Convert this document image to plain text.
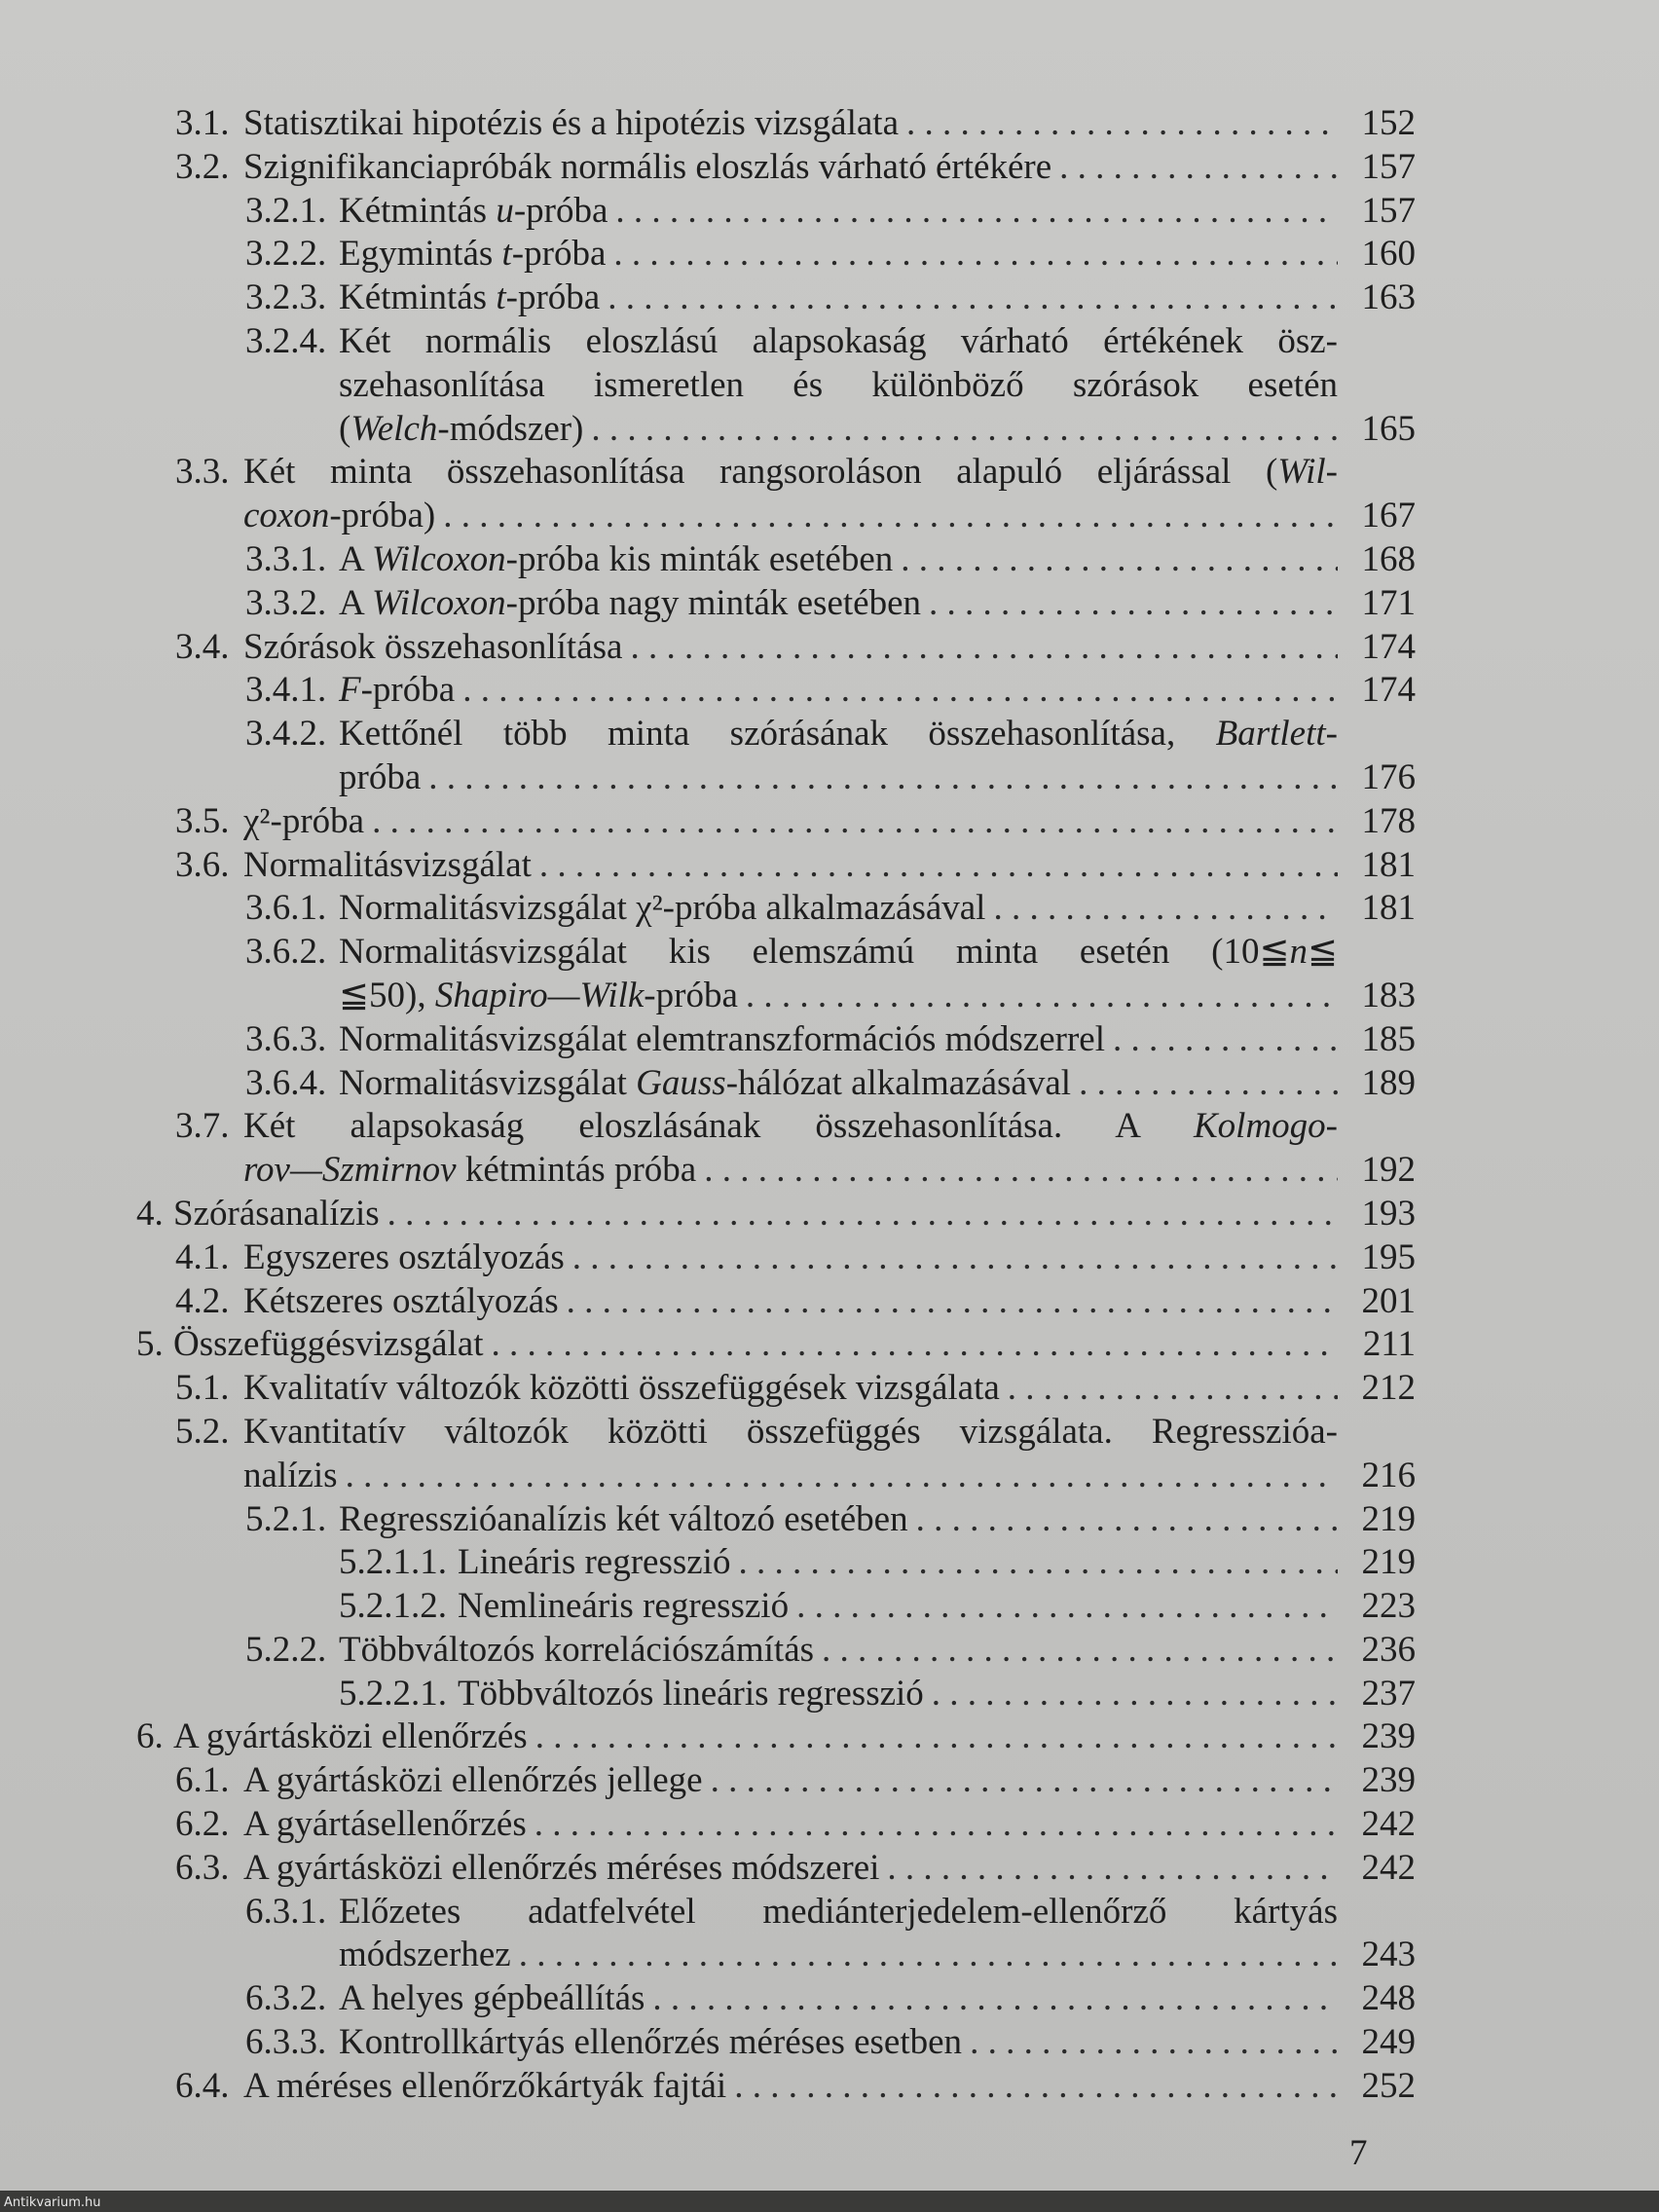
3.1. Statisztikai hipotézis és a hipotézis vizsgálata . . .	152
3.2. Szignifikanciapróbák normális eloszlás várható értékére . . .	157
3.2.1. Kétmintás u-próba . . .	157
3.2.2. Egymintás t-próba . . .	160
3.2.3. Kétmintás t-próba . . .	163
3.2.4. Két normális eloszlású alapsokaság várható értékének ösz-
szehasonlítása ismeretlen és különböző szórások esetén
(Welch-módszer) . . .	165
3.3. Két minta összehasonlítása rangsoroláson alapuló eljárással (Wil-
coxon-próba) . . .	167
3.3.1. A Wilcoxon-próba kis minták esetében . . .	168
3.3.2. A Wilcoxon-próba nagy minták esetében . . .	171
3.4. Szórások összehasonlítása . . .	174
3.4.1. F-próba . . .	174
3.4.2. Kettőnél több minta szórásának összehasonlítása, Bartlett-
próba . . .	176
3.5. χ²-próba . . .	178
3.6. Normalitásvizsgálat . . .	181
3.6.1. Normalitásvizsgálat χ²-próba alkalmazásával . . .	181
3.6.2. Normalitásvizsgálat kis elemszámú minta esetén (10≦n≦
≦50), Shapiro—Wilk-próba . . .	183
3.6.3. Normalitásvizsgálat elemtranszformációs módszerrel . . .	185
3.6.4. Normalitásvizsgálat Gauss-hálózat alkalmazásával . . .	189
3.7. Két alapsokaság eloszlásának összehasonlítása. A Kolmogo-
rov—Szmirnov kétmintás próba . . .	192
4. Szórásanalízis . . .	193
4.1. Egyszeres osztályozás . . .	195
4.2. Kétszeres osztályozás . . .	201
5. Összefüggésvizsgálat . . .	211
5.1. Kvalitatív változók közötti összefüggések vizsgálata . . .	212
5.2. Kvantitatív változók közötti összefüggés vizsgálata. Regresszióa-
nalízis . . .	216
5.2.1. Regresszióanalízis két változó esetében . . .	219
5.2.1.1. Lineáris regresszió . . .	219
5.2.1.2. Nemlineáris regresszió . . .	223
5.2.2. Többváltozós korrelációszámítás . . .	236
5.2.2.1. Többváltozós lineáris regresszió . . .	237
6. A gyártásközi ellenőrzés . . .	239
6.1. A gyártásközi ellenőrzés jellege . . .	239
6.2. A gyártásellenőrzés . . .	242
6.3. A gyártásközi ellenőrzés méréses módszerei . . .	242
6.3.1. Előzetes adatfelvétel mediánterjedelem-ellenőrző kártyás
módszerhez . . .	243
6.3.2. A helyes gépbeállítás . . .	248
6.3.3. Kontrollkártyás ellenőrzés méréses esetben . . .	249
6.4. A méréses ellenőrzőkártyák fajtái . . .	252
7
Antikvarium.hu
